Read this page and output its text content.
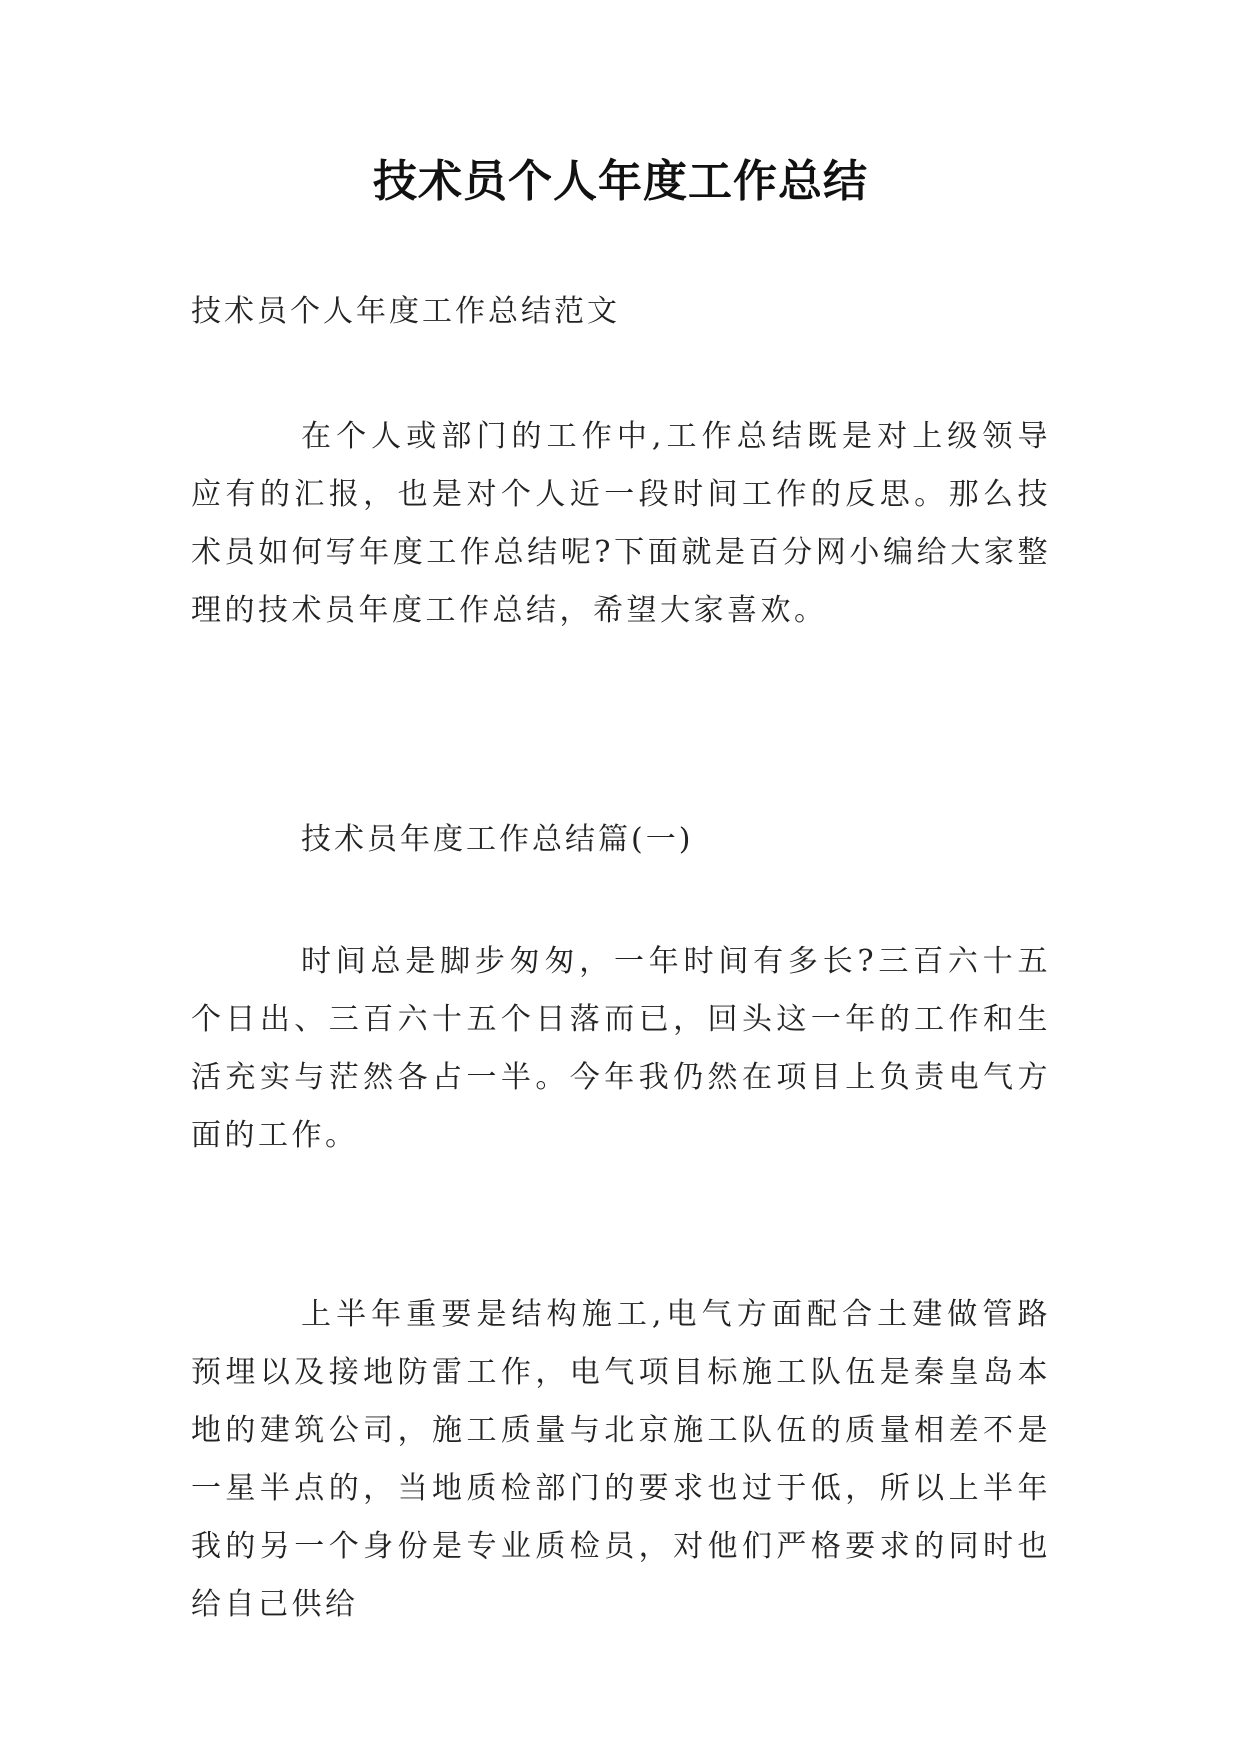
技术员个人年度工作总结
技术员个人年度工作总结范文

在个人或部门的工作中,工作总结既是对上级领导应有的汇报，也是对个人近一段时间工作的反思。那么技术员如何写年度工作总结呢?下面就是百分网小编给大家整理的技术员年度工作总结，希望大家喜欢。

技术员年度工作总结篇(一)

时间总是脚步匆匆，一年时间有多长?三百六十五个日出、三百六十五个日落而已，回头这一年的工作和生活充实与茫然各占一半。今年我仍然在项目上负责电气方面的工作。

上半年重要是结构施工,电气方面配合土建做管路预埋以及接地防雷工作，电气项目标施工队伍是秦皇岛本地的建筑公司，施工质量与北京施工队伍的质量相差不是一星半点的，当地质检部门的要求也过于低，所以上半年我的另一个身份是专业质检员，对他们严格要求的同时也给自己供给
